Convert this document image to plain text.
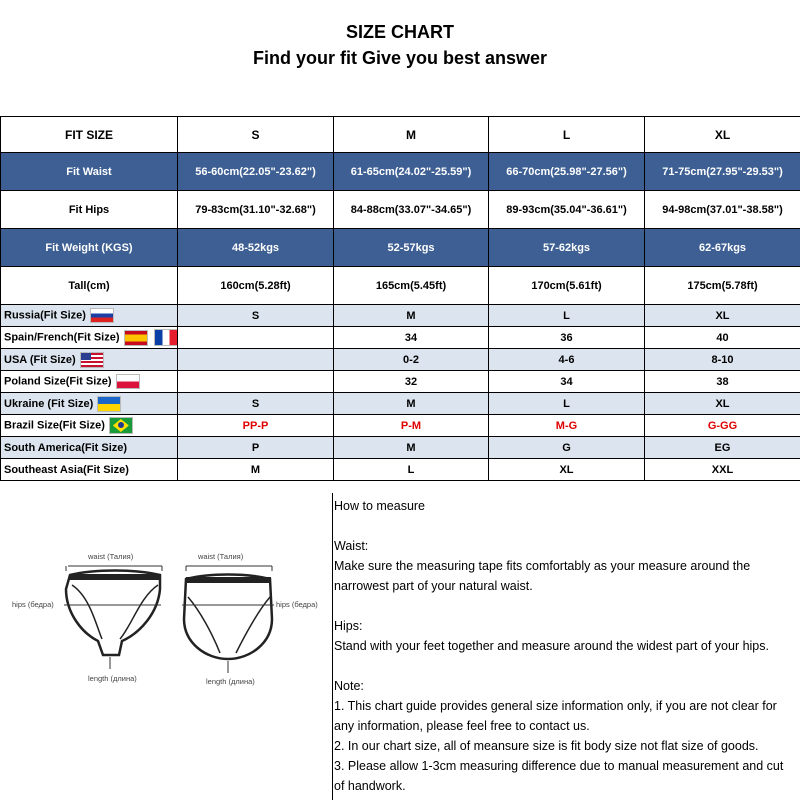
SIZE CHART
Find your fit Give you best answer
FIT SIZE	S	M	L	XL
Fit Waist	56-60cm(22.05"-23.62")	61-65cm(24.02"-25.59")	66-70cm(25.98"-27.56")	71-75cm(27.95"-29.53")
Fit Hips	79-83cm(31.10"-32.68")	84-88cm(33.07"-34.65")	89-93cm(35.04"-36.61")	94-98cm(37.01"-38.58")
Fit Weight (KGS)	48-52kgs	52-57kgs	57-62kgs	62-67kgs
Tall(cm)	160cm(5.28ft)	165cm(5.45ft)	170cm(5.61ft)	175cm(5.78ft)
Russia(Fit Size)	S	M	L	XL
Spain/French(Fit Size)		34	36	40
USA (Fit Size)		0-2	4-6	8-10
Poland Size(Fit Size)		32	34	38
Ukraine (Fit Size)	S	M	L	XL
Brazil Size(Fit Size)	PP-P	P-M	M-G	G-GG
South America(Fit Size)	P	M	G	EG
Southeast Asia(Fit Size)	M	L	XL	XXL
waist (Талия)	waist (Талия)
hips (бедра)	hips (бедра)
length (длина)	length (длина)
How to measure
Waist:
Make sure the measuring tape fits comfortably as your measure around the narrowest part of your natural waist.
Hips:
Stand with your feet together and measure around the widest part of your hips.
Note:
1. This chart guide provides general size information only, if you are not clear for any information, please feel free to contact us.
2. In our chart size, all of meansure size is fit body size not flat size of goods.
3. Please allow 1-3cm measuring difference due to manual measurement and cut of handwork.
